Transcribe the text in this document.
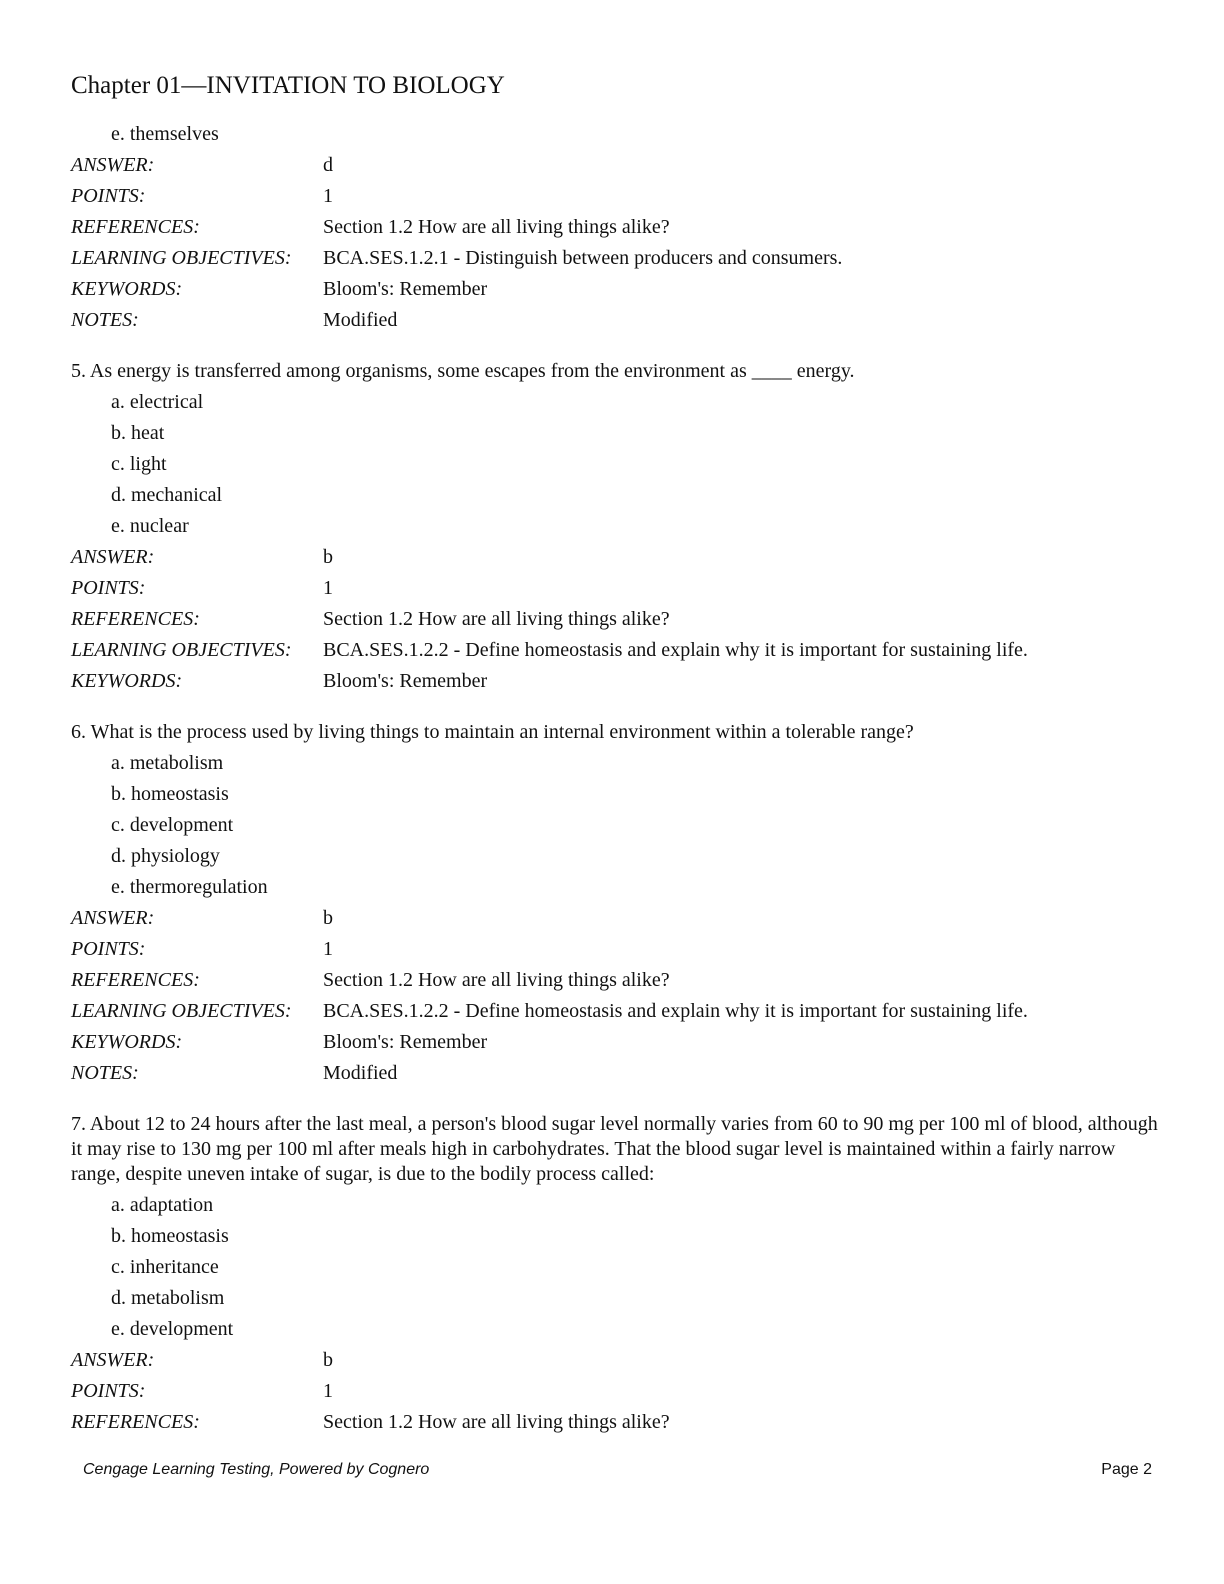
Chapter 01—INVITATION TO BIOLOGY
e. themselves
ANSWER:	d
POINTS:	1
REFERENCES:	Section 1.2 How are all living things alike?
LEARNING OBJECTIVES:	BCA.SES.1.2.1 - Distinguish between producers and consumers.
KEYWORDS:	Bloom's: Remember
NOTES:	Modified
5. As energy is transferred among organisms, some escapes from the environment as ____ energy.
a. electrical
b. heat
c. light
d. mechanical
e. nuclear
ANSWER:	b
POINTS:	1
REFERENCES:	Section 1.2 How are all living things alike?
LEARNING OBJECTIVES:	BCA.SES.1.2.2 - Define homeostasis and explain why it is important for sustaining life.
KEYWORDS:	Bloom's: Remember
6. What is the process used by living things to maintain an internal environment within a tolerable range?
a. metabolism
b. homeostasis
c. development
d. physiology
e. thermoregulation
ANSWER:	b
POINTS:	1
REFERENCES:	Section 1.2 How are all living things alike?
LEARNING OBJECTIVES:	BCA.SES.1.2.2 - Define homeostasis and explain why it is important for sustaining life.
KEYWORDS:	Bloom's: Remember
NOTES:	Modified
7. About 12 to 24 hours after the last meal, a person's blood sugar level normally varies from 60 to 90 mg per 100 ml of blood, although it may rise to 130 mg per 100 ml after meals high in carbohydrates. That the blood sugar level is maintained within a fairly narrow range, despite uneven intake of sugar, is due to the bodily process called:
a. adaptation
b. homeostasis
c. inheritance
d. metabolism
e. development
ANSWER:	b
POINTS:	1
REFERENCES:	Section 1.2 How are all living things alike?
Cengage Learning Testing, Powered by Cognero	Page 2
